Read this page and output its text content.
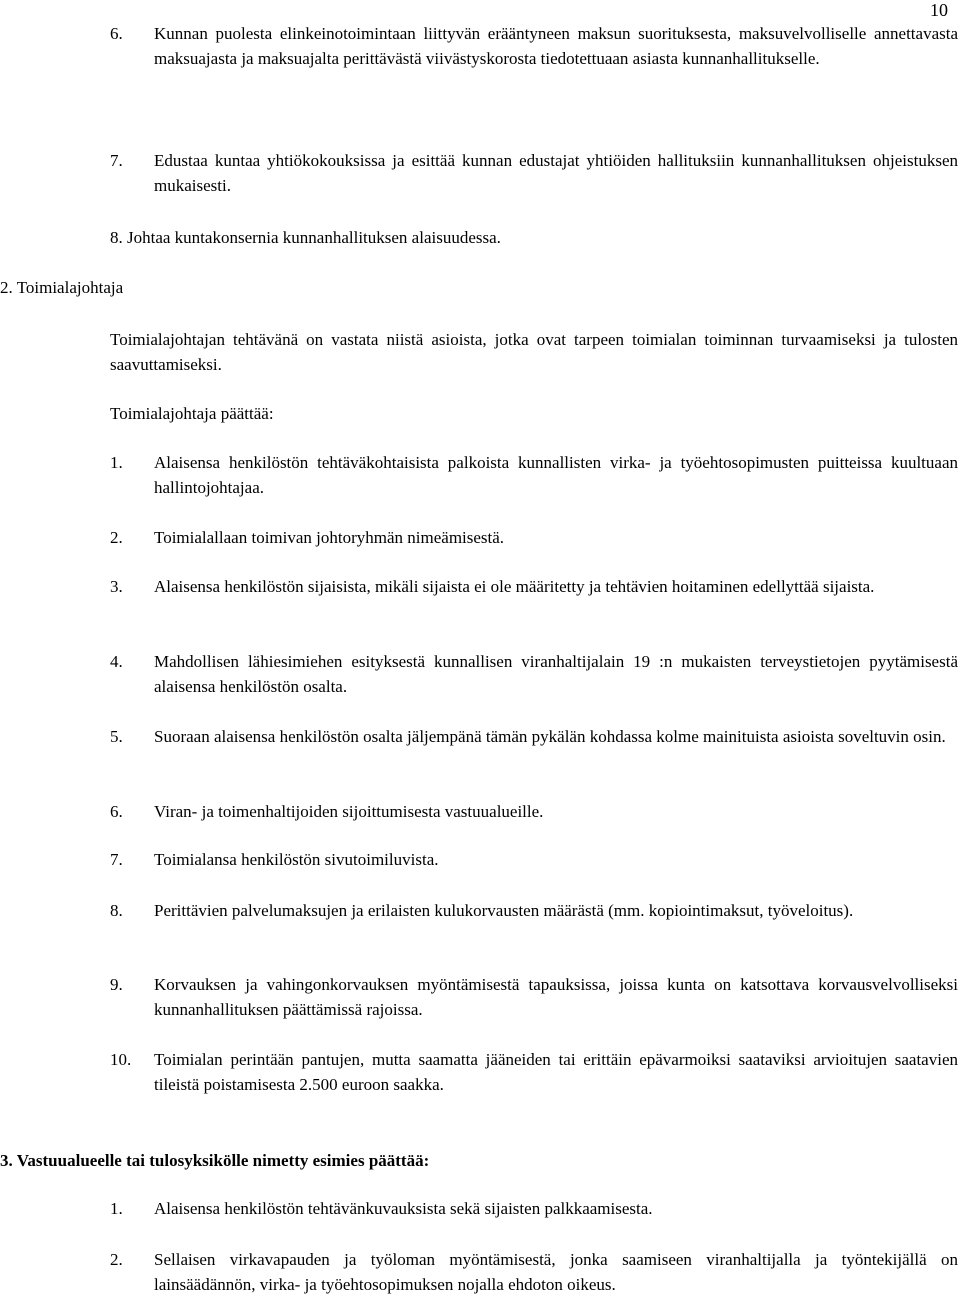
10
6. Kunnan puolesta elinkeinotoimintaan liittyvän erääntyneen maksun suorituksesta, maksuvelvolliselle annettavasta maksuajasta ja maksuajalta perittävästä viivästyskorosta tiedotettuaan asiasta kunnanhallitukselle.
7. Edustaa kuntaa yhtiökokouksissa ja esittää kunnan edustajat yhtiöiden hallituksiin kunnanhallituksen ohjeistuksen mukaisesti.
8. Johtaa kuntakonsernia kunnanhallituksen alaisuudessa.
2. Toimialajohtaja
Toimialajohtajan tehtävänä on vastata niistä asioista, jotka ovat tarpeen toimialan toiminnan turvaamiseksi ja tulosten saavuttamiseksi.
Toimialajohtaja päättää:
1. Alaisensa henkilöstön tehtäväkohtaisista palkoista kunnallisten virka- ja työehtosopimusten puitteissa kuultuaan hallintojohtajaa.
2. Toimialallaan toimivan johtoryhmän nimeämisestä.
3. Alaisensa henkilöstön sijaisista, mikäli sijaista ei ole määritetty ja tehtävien hoitaminen edellyttää sijaista.
4. Mahdollisen lähiesimiehen esityksestä kunnallisen viranhaltijalain 19 :n mukaisten terveystietojen pyytämisestä alaisensa henkilöstön osalta.
5. Suoraan alaisensa henkilöstön osalta jäljempänä tämän pykälän kohdassa kolme mainituista asioista soveltuvin osin.
6. Viran- ja toimenhaltijoiden sijoittumisesta vastuualueille.
7. Toimialansa henkilöstön sivutoimiluvista.
8. Perittävien palvelumaksujen ja erilaisten kulukorvausten määrästä (mm. kopiointimaksut, työveloitus).
9. Korvauksen ja vahingonkorvauksen myöntämisestä tapauksissa, joissa kunta on katsottava korvausvelvolliseksi kunnanhallituksen päättämissä rajoissa.
10. Toimialan perintään pantujen, mutta saamatta jääneiden tai erittäin epävarmoiksi saataviksi arvioitujen saatavien tileistä poistamisesta 2.500 euroon saakka.
3. Vastuualueelle tai tulosyksikölle nimetty esimies päättää:
1. Alaisensa henkilöstön tehtävänkuvauksista sekä sijaisten palkkaamisesta.
2. Sellaisen virkavapauden ja työloman myöntämisestä, jonka saamiseen viranhaltijalla ja työntekijällä on lainsäädännön, virka- ja työehtosopimuksen nojalla ehdoton oikeus.
